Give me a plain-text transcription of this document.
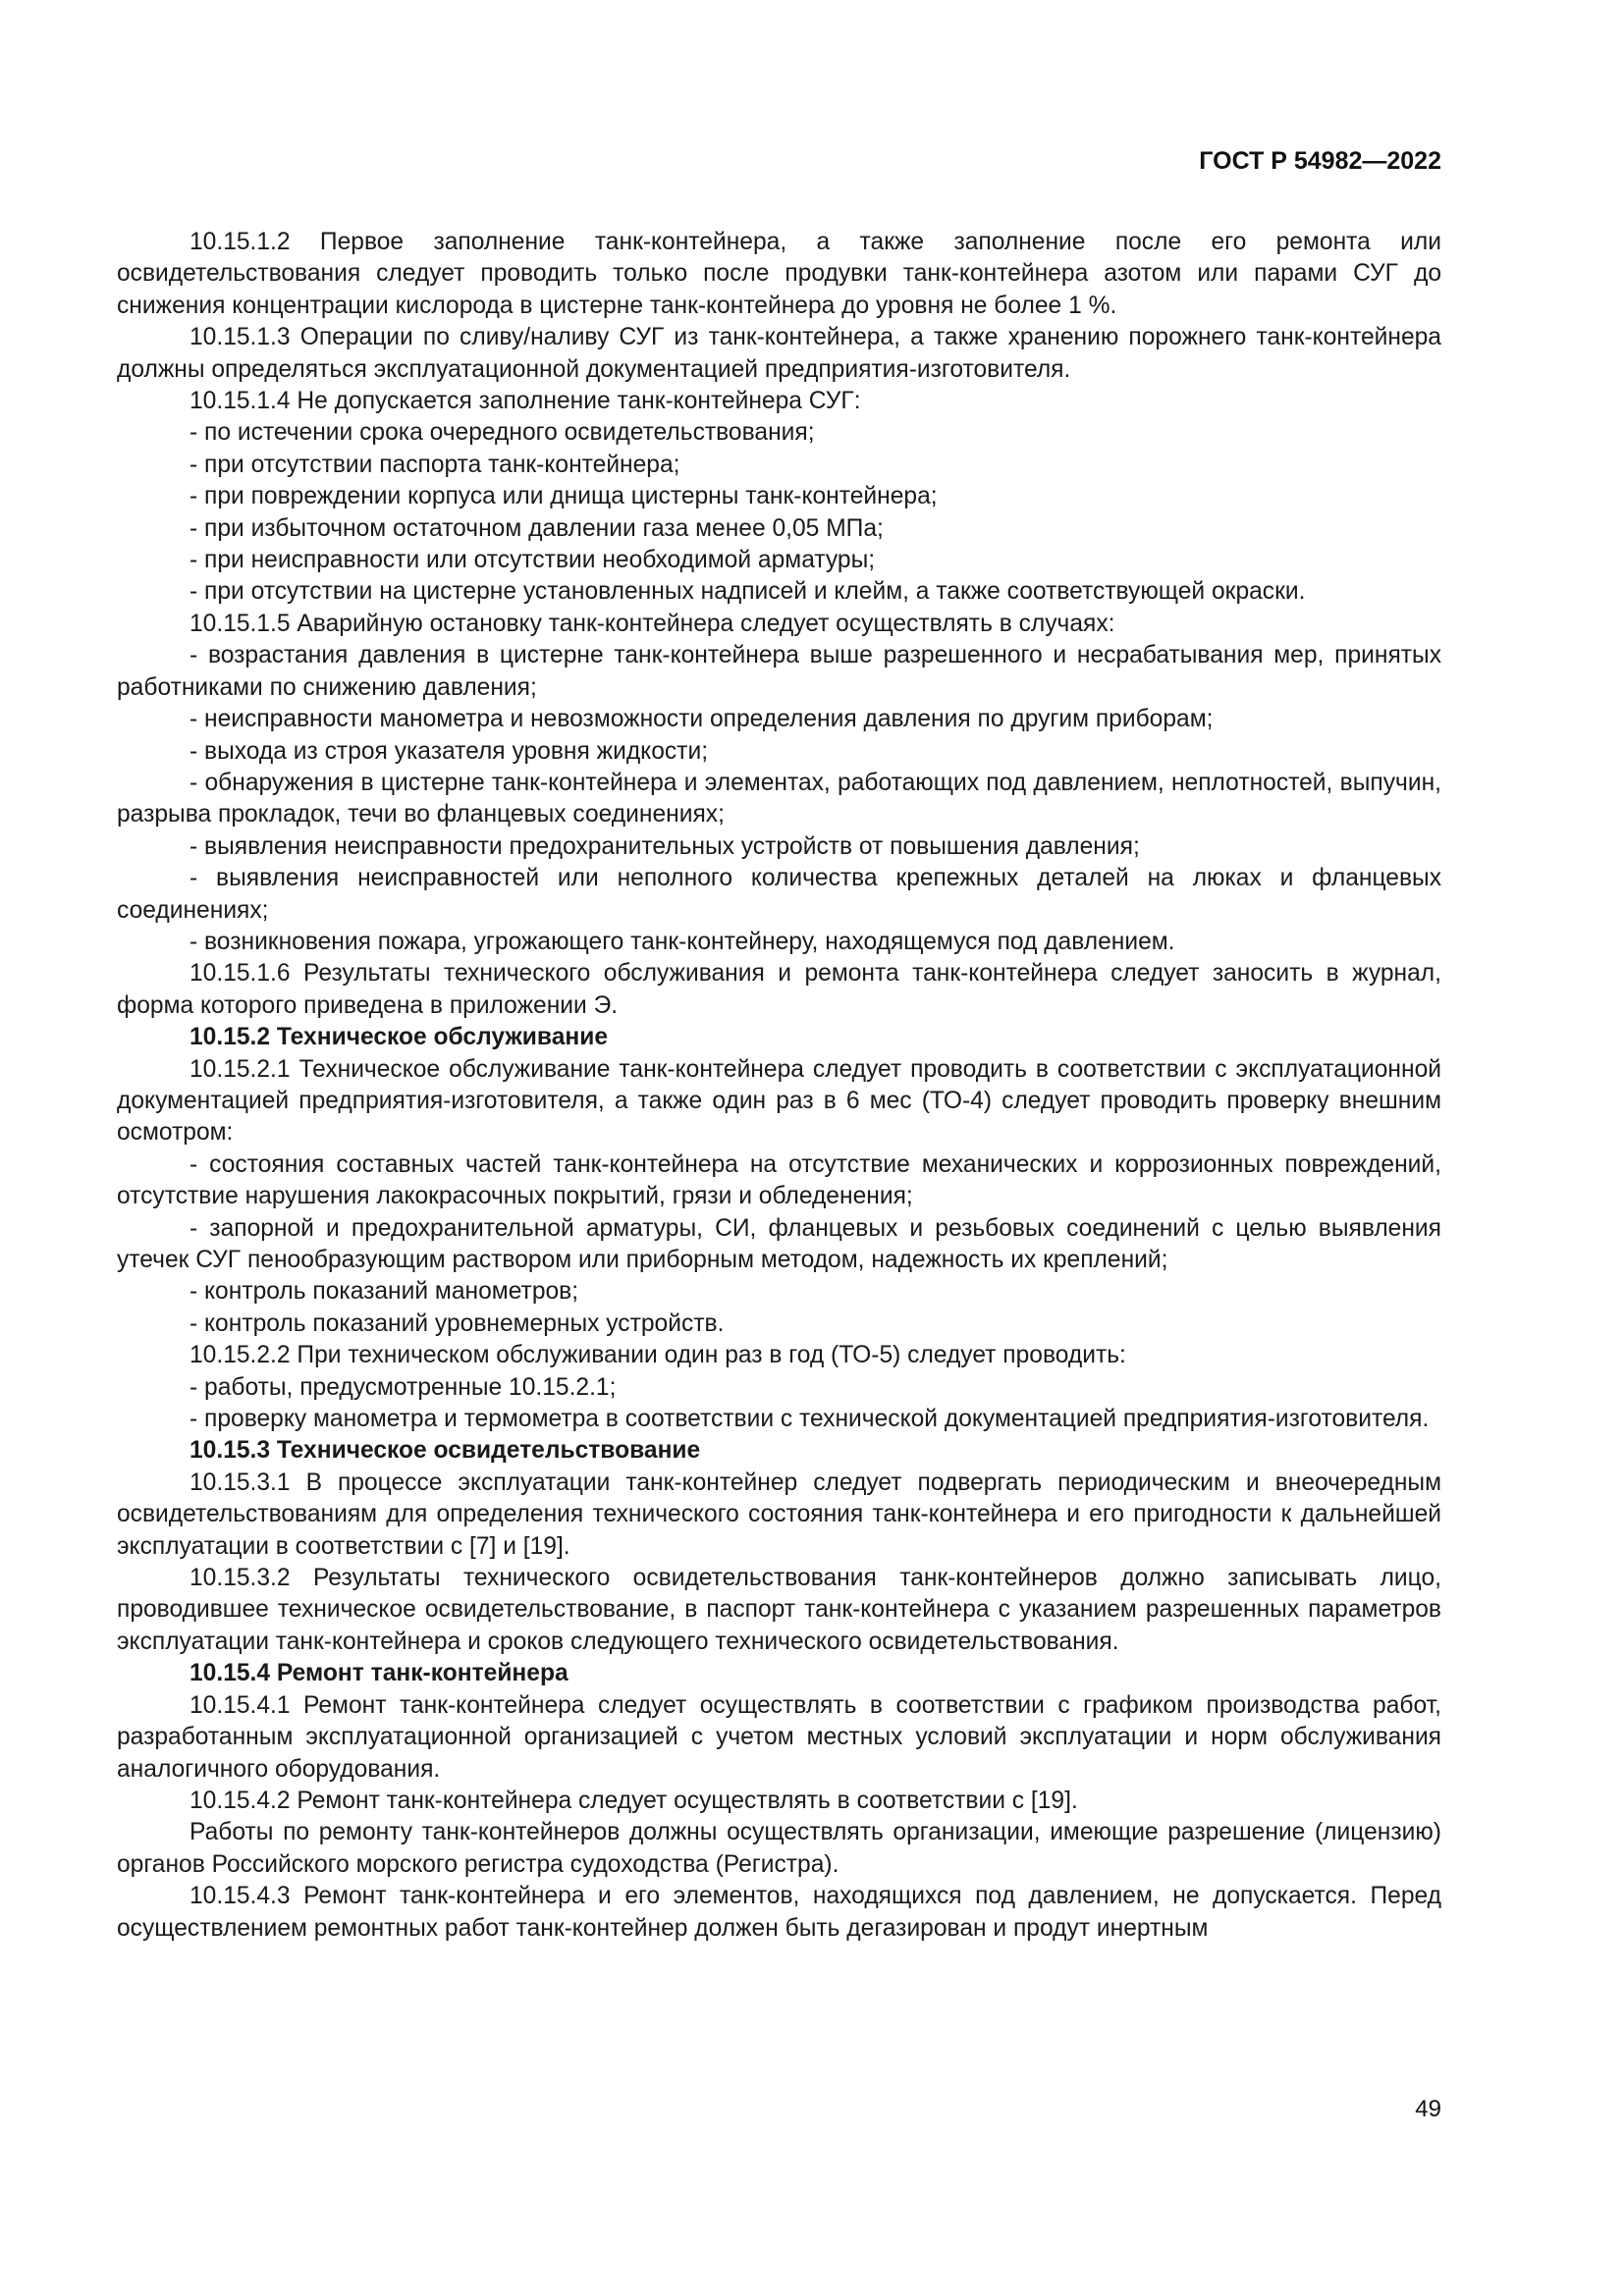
ГОСТ Р 54982—2022

10.15.1.2 Первое заполнение танк-контейнера, а также заполнение после его ремонта или освидетельствования следует проводить только после продувки танк-контейнера азотом или парами СУГ до снижения концентрации кислорода в цистерне танк-контейнера до уровня не более 1 %.

10.15.1.3 Операции по сливу/наливу СУГ из танк-контейнера, а также хранению порожнего танк-контейнера должны определяться эксплуатационной документацией предприятия-изготовителя.

10.15.1.4 Не допускается заполнение танк-контейнера СУГ:

- по истечении срока очередного освидетельствования;

- при отсутствии паспорта танк-контейнера;

- при повреждении корпуса или днища цистерны танк-контейнера;

- при избыточном остаточном давлении газа менее 0,05 МПа;

- при неисправности или отсутствии необходимой арматуры;

- при отсутствии на цистерне установленных надписей и клейм, а также соответствующей окраски.

10.15.1.5 Аварийную остановку танк-контейнера следует осуществлять в случаях:

- возрастания давления в цистерне танк-контейнера выше разрешенного и несрабатывания мер, принятых работниками по снижению давления;

- неисправности манометра и невозможности определения давления по другим приборам;

- выхода из строя указателя уровня жидкости;

- обнаружения в цистерне танк-контейнера и элементах, работающих под давлением, неплотностей, выпучин, разрыва прокладок, течи во фланцевых соединениях;

- выявления неисправности предохранительных устройств от повышения давления;

- выявления неисправностей или неполного количества крепежных деталей на люках и фланцевых соединениях;

- возникновения пожара, угрожающего танк-контейнеру, находящемуся под давлением.

10.15.1.6 Результаты технического обслуживания и ремонта танк-контейнера следует заносить в журнал, форма которого приведена в приложении Э.

10.15.2 Техническое обслуживание

10.15.2.1 Техническое обслуживание танк-контейнера следует проводить в соответствии с эксплуатационной документацией предприятия-изготовителя, а также один раз в 6 мес (ТО-4) следует проводить проверку внешним осмотром:

- состояния составных частей танк-контейнера на отсутствие механических и коррозионных повреждений, отсутствие нарушения лакокрасочных покрытий, грязи и обледенения;

- запорной и предохранительной арматуры, СИ, фланцевых и резьбовых соединений с целью выявления утечек СУГ пенообразующим раствором или приборным методом, надежность их креплений;

- контроль показаний манометров;

- контроль показаний уровнемерных устройств.

10.15.2.2 При техническом обслуживании один раз в год (ТО-5) следует проводить:

- работы, предусмотренные 10.15.2.1;

- проверку манометра и термометра в соответствии с технической документацией предприятия-изготовителя.

10.15.3 Техническое освидетельствование

10.15.3.1 В процессе эксплуатации танк-контейнер следует подвергать периодическим и внеочередным освидетельствованиям для определения технического состояния танк-контейнера и его пригодности к дальнейшей эксплуатации в соответствии с [7] и [19].

10.15.3.2 Результаты технического освидетельствования танк-контейнеров должно записывать лицо, проводившее техническое освидетельствование, в паспорт танк-контейнера с указанием разрешенных параметров эксплуатации танк-контейнера и сроков следующего технического освидетельствования.

10.15.4 Ремонт танк-контейнера

10.15.4.1 Ремонт танк-контейнера следует осуществлять в соответствии с графиком производства работ, разработанным эксплуатационной организацией с учетом местных условий эксплуатации и норм обслуживания аналогичного оборудования.

10.15.4.2 Ремонт танк-контейнера следует осуществлять в соответствии с [19].

Работы по ремонту танк-контейнеров должны осуществлять организации, имеющие разрешение (лицензию) органов Российского морского регистра судоходства (Регистра).

10.15.4.3 Ремонт танк-контейнера и его элементов, находящихся под давлением, не допускается. Перед осуществлением ремонтных работ танк-контейнер должен быть дегазирован и продут инертным

49
